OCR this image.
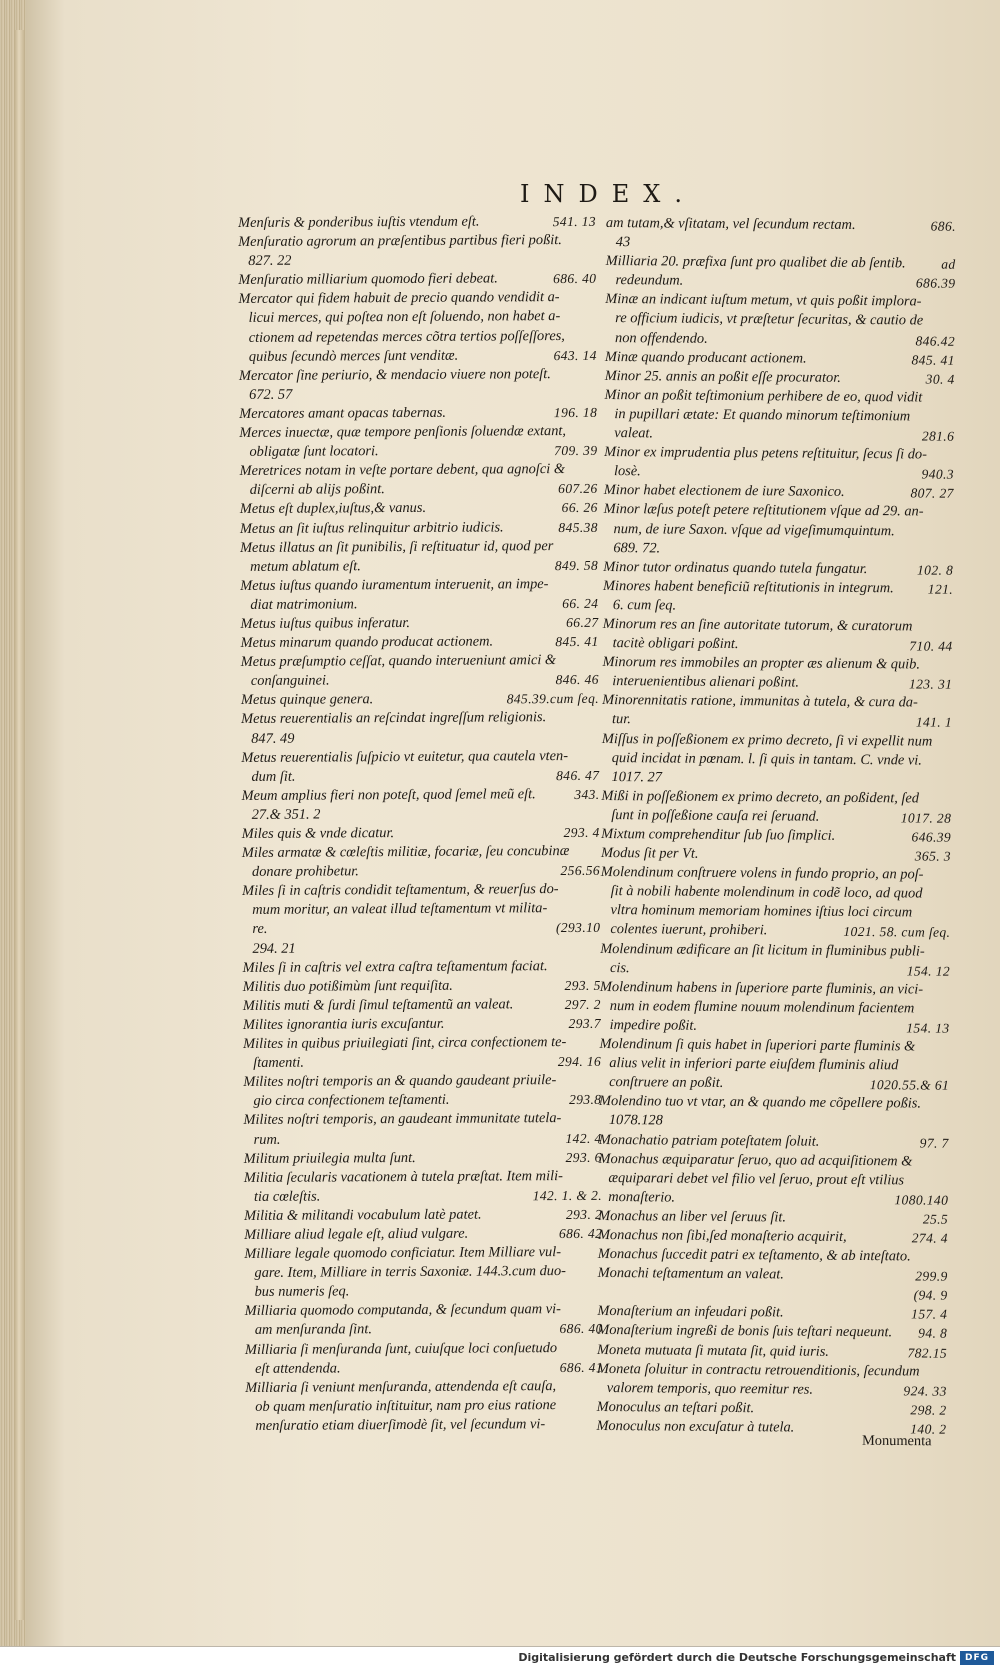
INDEX.
Menſuris & ponderibus iuſtis vtendum eſt.	541. 13
Menſuratio agrorum an præſentibus partibus fieri poßit.
827. 22
Menſuratio milliarium quomodo fieri debeat.	686. 40
Mercator qui fidem habuit de precio quando vendidit a-
licui merces, qui poſtea non eſt ſoluendo, non habet a-
ctionem ad repetendas merces cõtra tertios poſſeſſores,
quibus ſecundò merces ſunt venditæ.	643. 14
Mercator ſine periurio, & mendacio viuere non poteſt.
672. 57
Mercatores amant opacas tabernas.	196. 18
Merces inuectæ, quæ tempore penſionis ſoluendæ extant,
obligatæ ſunt locatori.	709. 39
Meretrices notam in veſte portare debent, qua agnoſci &
diſcerni ab alijs poßint.	607.26
Metus eſt duplex,iuſtus,& vanus.	66. 26
Metus an ſit iuſtus relinquitur arbitrio iudicis.	845.38
Metus illatus an ſit punibilis, ſi reſtituatur id, quod per
metum ablatum eſt.	849. 58
Metus iuſtus quando iuramentum interuenit, an impe-
diat matrimonium.	66. 24
Metus iuſtus quibus inferatur.	66.27
Metus minarum quando producat actionem.	845. 41
Metus præſumptio ceſſat, quando interueniunt amici &
conſanguinei.	846. 46
Metus quinque genera.	845.39.cum ſeq.
Metus reuerentialis an reſcindat ingreſſum religionis.
847. 49
Metus reuerentialis ſuſpicio vt euitetur, qua cautela vten-
dum ſit.	846. 47
Meum amplius fieri non poteſt, quod ſemel meũ eſt.	343.
27.& 351. 2
Miles quis & vnde dicatur.	293. 4
Miles armatæ & cœleſtis militiæ, focariæ, ſeu concubinæ
donare prohibetur.	256.56
Miles ſi in caſtris condidit teſtamentum, & reuerſus do-
mum moritur, an valeat illud teſtamentum vt milita-
re.	(293.10
294. 21
Miles ſi in caſtris vel extra caſtra teſtamentum faciat.
Militis duo potißimùm ſunt requiſita.	293. 5
Militis muti & ſurdi ſimul teſtamentũ an valeat.	297. 2
Milites ignorantia iuris excuſantur.	293.7
Milites in quibus priuilegiati ſint, circa confectionem te-
ſtamenti.	294. 16
Milites noſtri temporis an & quando gaudeant priuile-
gio circa confectionem teſtamenti.	293.8
Milites noſtri temporis, an gaudeant immunitate tutela-
rum.	142. 4
Militum priuilegia multa ſunt.	293. 6
Militia ſecularis vacationem à tutela præſtat. Item mili-
tia cœleſtis.	142. 1. & 2.
Militia & militandi vocabulum latè patet.	293. 2
Milliare aliud legale eſt, aliud vulgare.	686. 42
Milliare legale quomodo conficiatur. Item Milliare vul-
gare. Item, Milliare in terris Saxoniæ. 144.3.cum duo-
bus numeris ſeq.
Milliaria quomodo computanda, & ſecundum quam vi-
am menſuranda ſint.	686. 40
Milliaria ſi menſuranda ſunt, cuiuſque loci conſuetudo
eſt attendenda.	686. 41
Milliaria ſi veniunt menſuranda, attendenda eſt cauſa,
ob quam menſuratio inſtituitur, nam pro eius ratione
menſuratio etiam diuerſimodè ſit, vel ſecundum vi-
am tutam,& vſitatam, vel ſecundum rectam.	686.
43
Milliaria 20. præfixa ſunt pro qualibet die ab ſentib.	ad
redeundum.	686.39
Minæ an indicant iuſtum metum, vt quis poßit implora-
re officium iudicis, vt præſtetur ſecuritas, & cautio de
non offendendo.	846.42
Minæ quando producant actionem.	845. 41
Minor 25. annis an poßit eſſe procurator.	30. 4
Minor an poßit teſtimonium perhibere de eo, quod vidit
in pupillari ætate: Et quando minorum teſtimonium
valeat.	281.6
Minor ex imprudentia plus petens reſtituitur, ſecus ſi do-
losè.	940.3
Minor habet electionem de iure Saxonico.	807. 27
Minor læſus poteſt petere reſtitutionem vſque ad 29. an-
num, de iure Saxon. vſque ad vigeſimumquintum.
689. 72.
Minor tutor ordinatus quando tutela fungatur.	102. 8
Minores habent beneficiũ reſtitutionis in integrum.	121.
6. cum ſeq.
Minorum res an ſine autoritate tutorum, & curatorum
tacitè obligari poßint.	710. 44
Minorum res immobiles an propter æs alienum & quib.
interuenientibus alienari poßint.	123. 31
Minorennitatis ratione, immunitas à tutela, & cura da-
tur.	141. 1
Miſſus in poſſeßionem ex primo decreto, ſi vi expellit num
quid incidat in pœnam. l. ſi quis in tantam. C. vnde vi.
1017. 27
Mißi in poſſeßionem ex primo decreto, an poßident, ſed
ſunt in poſſeßione cauſa rei ſeruand.	1017. 28
Mixtum comprehenditur ſub ſuo ſimplici.	646.39
Modus ſit per Vt.	365. 3
Molendinum conſtruere volens in fundo proprio, an poſ-
ſit à nobili habente molendinum in codẽ loco, ad quod
vltra hominum memoriam homines iſtius loci circum
colentes iuerunt, prohiberi.	1021. 58. cum ſeq.
Molendinum ædificare an ſit licitum in fluminibus publi-
cis.	154. 12
Molendinum habens in ſuperiore parte fluminis, an vici-
num in eodem flumine nouum molendinum facientem
impedire poßit.	154. 13
Molendinum ſi quis habet in ſuperiori parte fluminis &
alius velit in inferiori parte eiuſdem fluminis aliud
conſtruere an poßit.	1020.55.& 61
Molendino tuo vt vtar, an & quando me cõpellere poßis.
1078.128
Monachatio patriam poteſtatem ſoluit.	97. 7
Monachus æquiparatur ſeruo, quo ad acquiſitionem &
æquiparari debet vel filio vel ſeruo, prout eſt vtilius
monaſterio.	1080.140
Monachus an liber vel ſeruus ſit.	25.5
Monachus non ſibi,ſed monaſterio acquirit,	274. 4
Monachus ſuccedit patri ex teſtamento, & ab inteſtato.
Monachi teſtamentum an valeat.	299.9
(94. 9
Monaſterium an infeudari poßit.	157. 4
Monaſterium ingreßi de bonis ſuis teſtari nequeunt. 94. 8
Moneta mutuata ſi mutata ſit, quid iuris.	782.15
Moneta ſoluitur in contractu retrouenditionis, ſecundum
valorem temporis, quo reemitur res.	924. 33
Monoculus an teſtari poßit.	298. 2
Monoculus non excuſatur à tutela.	140. 2
Monumenta
Digitalisierung gefördert durch die Deutsche Forschungsgemeinschaft DFG
